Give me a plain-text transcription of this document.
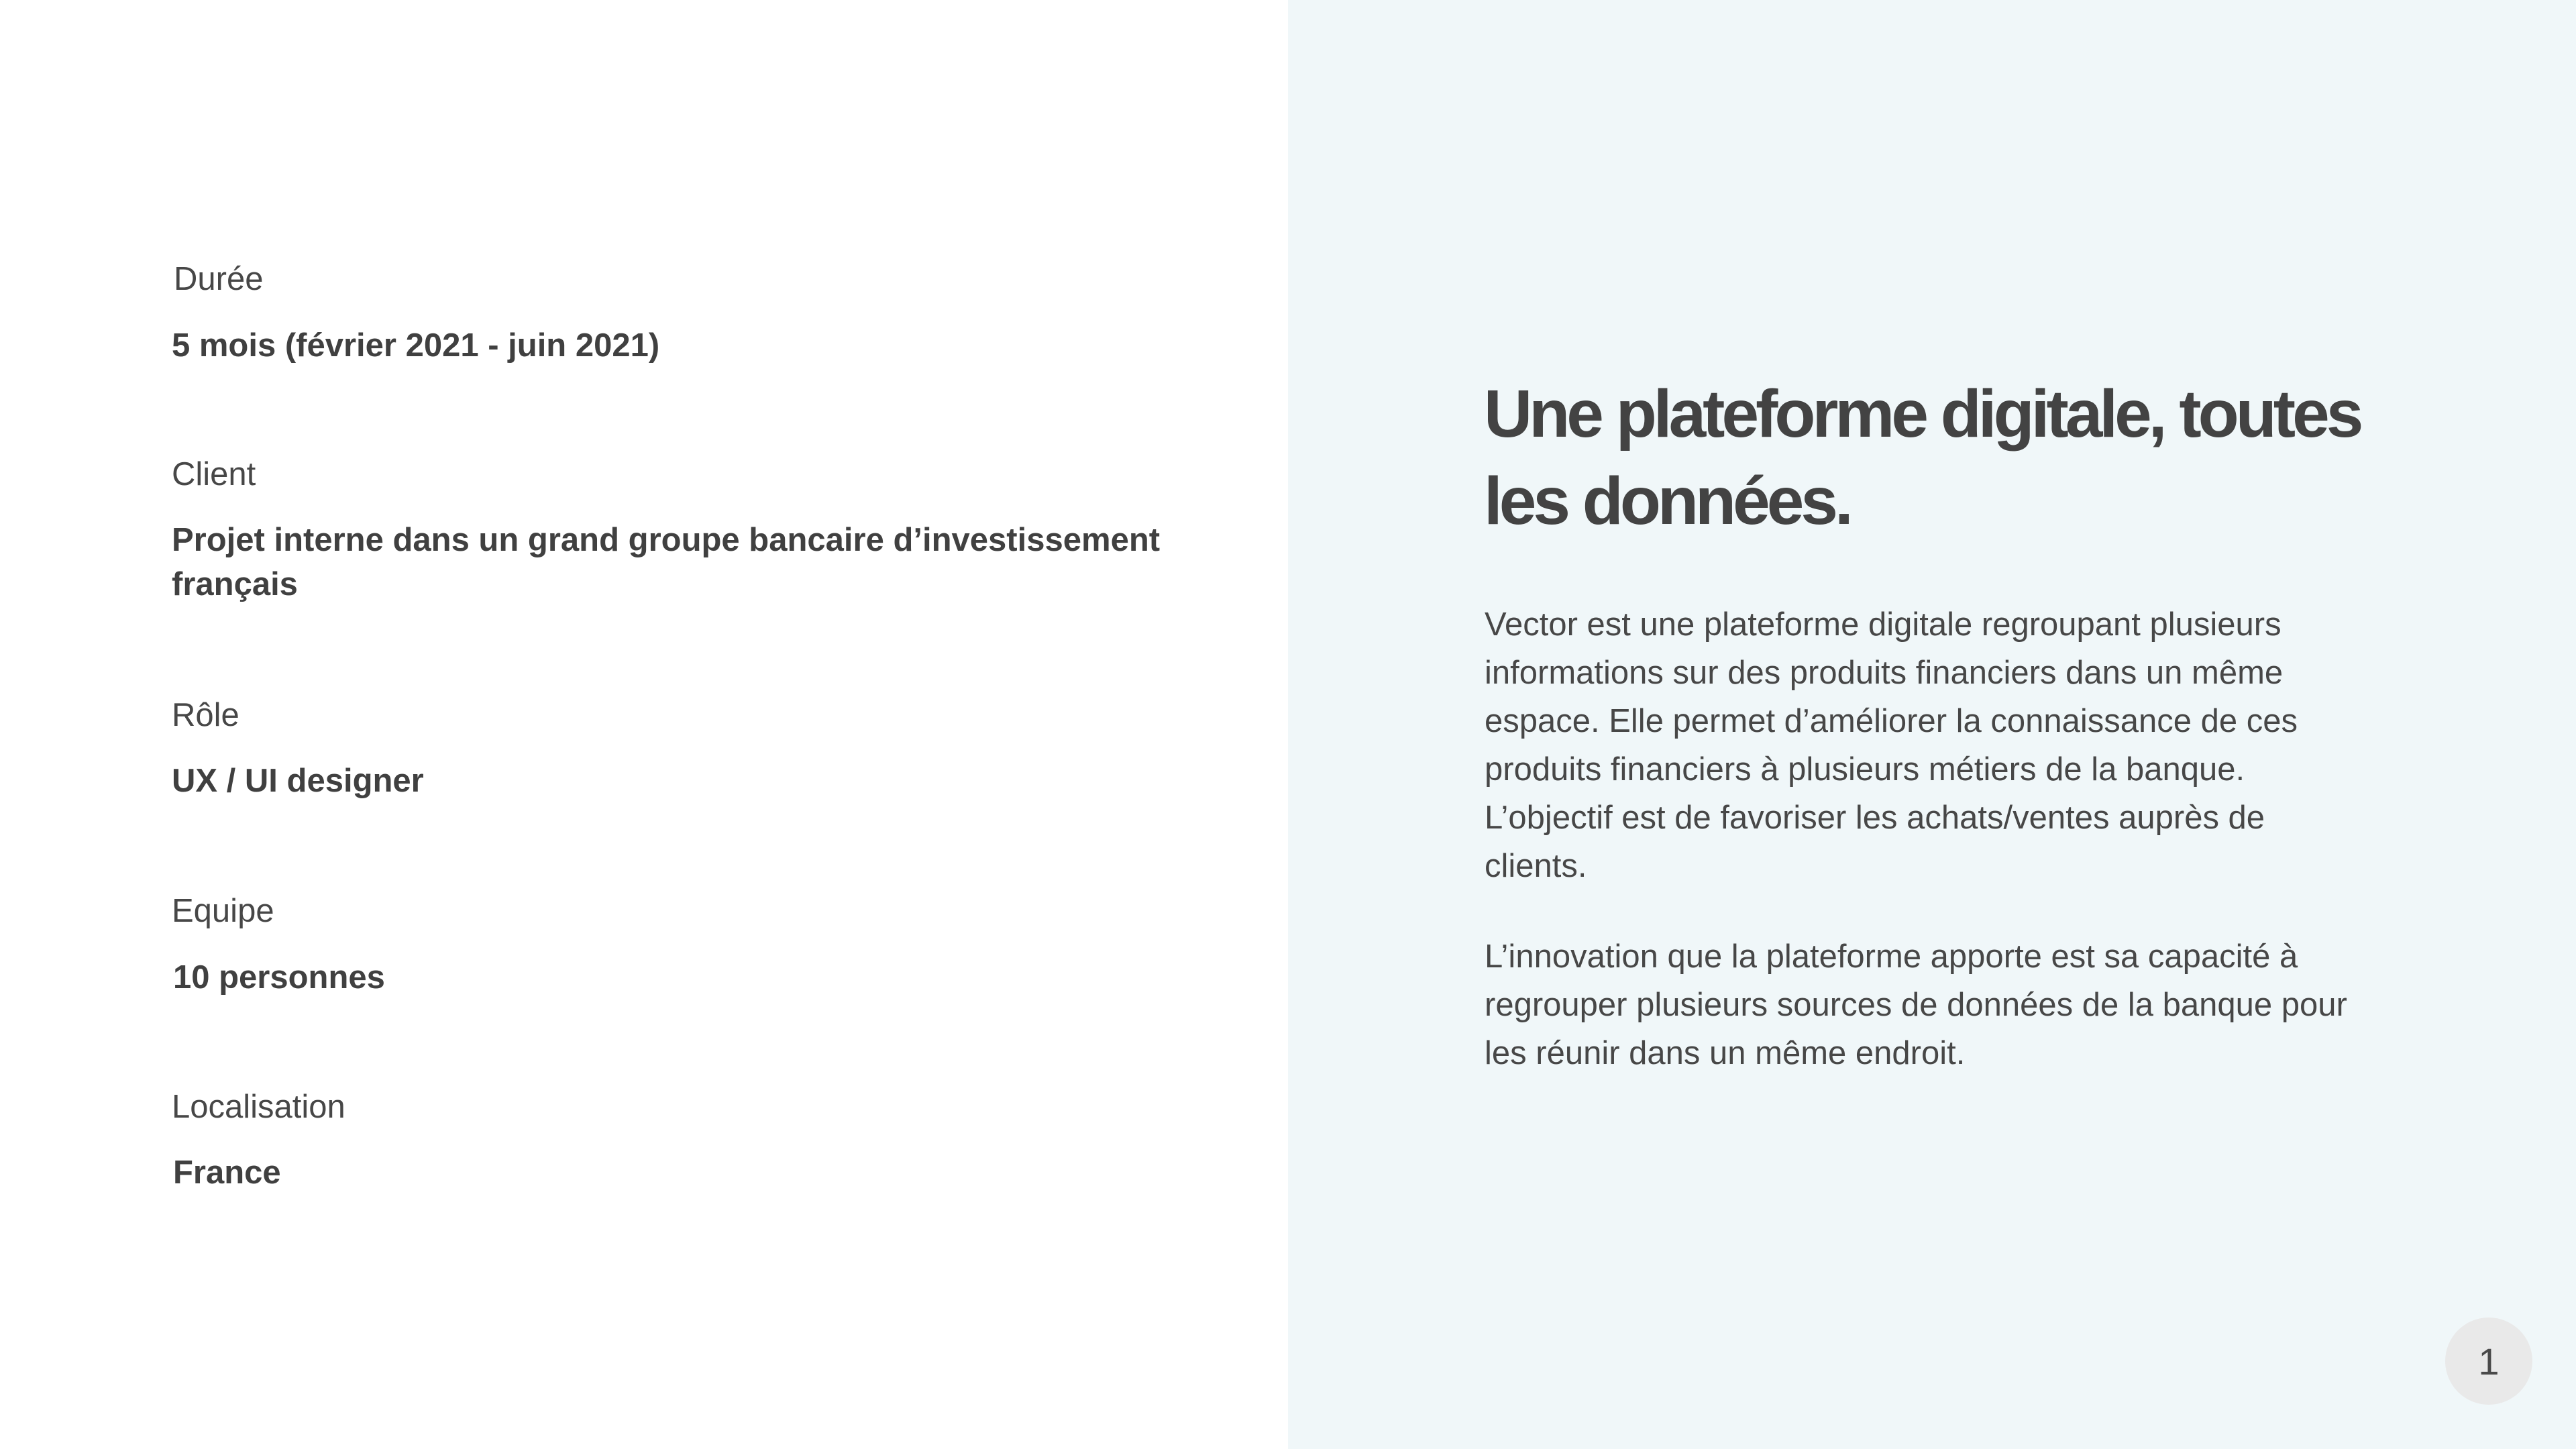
Durée
5 mois (février 2021 - juin 2021)
Client
Projet interne dans un grand groupe bancaire d’investissement français
Rôle
UX / UI designer
Equipe
10 personnes
Localisation
France
Une plateforme digitale, toutes les données.

Vector est une plateforme digitale regroupant plusieurs informations sur des produits financiers dans un même espace. Elle permet d’améliorer la connaissance de ces produits financiers à plusieurs métiers de la banque. L’objectif est de favoriser les achats/ventes auprès de clients.

L’innovation que la plateforme apporte est sa capacité à regrouper plusieurs sources de données de la banque pour les réunir dans un même endroit.

1
